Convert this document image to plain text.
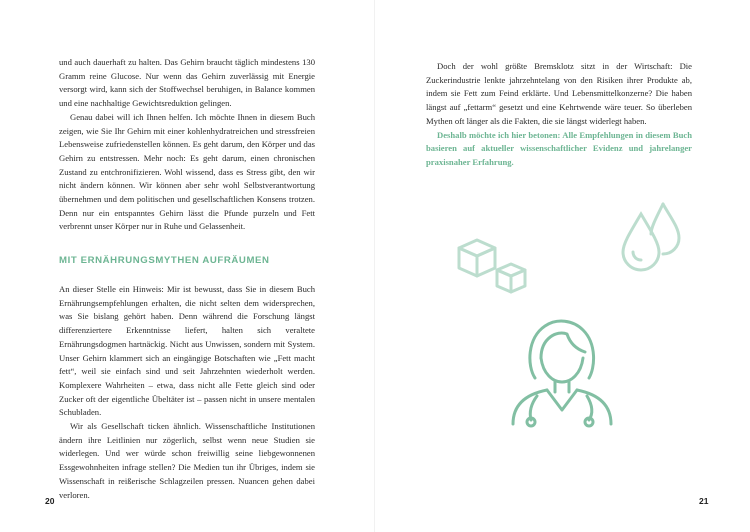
und auch dauerhaft zu halten. Das Gehirn braucht täglich mindestens 130 Gramm reine Glucose. Nur wenn das Gehirn zuverlässig mit Energie versorgt wird, kann sich der Stoffwechsel beruhigen, in Balance kommen und eine nachhaltige Gewichtsreduktion gelingen.

Genau dabei will ich Ihnen helfen. Ich möchte Ihnen in diesem Buch zeigen, wie Sie Ihr Gehirn mit einer kohlenhydratreichen und stressfreien Lebensweise zufriedenstellen können. Es geht darum, den Körper und das Gehirn zu entstressen. Mehr noch: Es geht darum, einen chronischen Zustand zu entchronifizieren. Wohl wissend, dass es Stress gibt, den wir nicht ändern können. Wir können aber sehr wohl Selbstverantwortung übernehmen und dem politischen und gesellschaftlichen Konsens trotzen. Denn nur ein entspanntes Gehirn lässt die Pfunde purzeln und Fett verbrennt unser Körper nur in Ruhe und Gelassenheit.

MIT ERNÄHRUNGSMYTHEN AUFRÄUMEN

An dieser Stelle ein Hinweis: Mir ist bewusst, dass Sie in diesem Buch Ernährungsempfehlungen erhalten, die nicht selten dem widersprechen, was Sie bislang gehört haben. Denn während die Forschung längst differenziertere Erkenntnisse liefert, halten sich veraltete Ernährungsdogmen hartnäckig. Nicht aus Unwissen, sondern mit System. Unser Gehirn klammert sich an eingängige Botschaften wie „Fett macht fett“, weil sie einfach sind und seit Jahrzehnten wiederholt werden. Komplexere Wahrheiten – etwa, dass nicht alle Fette gleich sind oder Zucker oft der eigentliche Übeltäter ist – passen nicht in unsere mentalen Schubladen.

Wir als Gesellschaft ticken ähnlich. Wissenschaftliche Institutionen ändern ihre Leitlinien nur zögerlich, selbst wenn neue Studien sie widerlegen. Und wer würde schon freiwillig seine liebgewonnenen Essgewohnheiten infrage stellen? Die Medien tun ihr Übriges, indem sie Wissenschaft in reißerische Schlagzeilen pressen. Nuancen gehen dabei verloren.

20

Doch der wohl größte Bremsklotz sitzt in der Wirtschaft: Die Zuckerindustrie lenkte jahrzehntelang von den Risiken ihrer Produkte ab, indem sie Fett zum Feind erklärte. Und Lebensmittelkonzerne? Die haben längst auf „fettarm“ gesetzt und eine Kehrtwende wäre teuer. So überleben Mythen oft länger als die Fakten, die sie längst widerlegt haben.

Deshalb möchte ich hier betonen: Alle Empfehlungen in diesem Buch basieren auf aktueller wissenschaftlicher Evidenz und jahrelanger praxisnaher Erfahrung.

21
